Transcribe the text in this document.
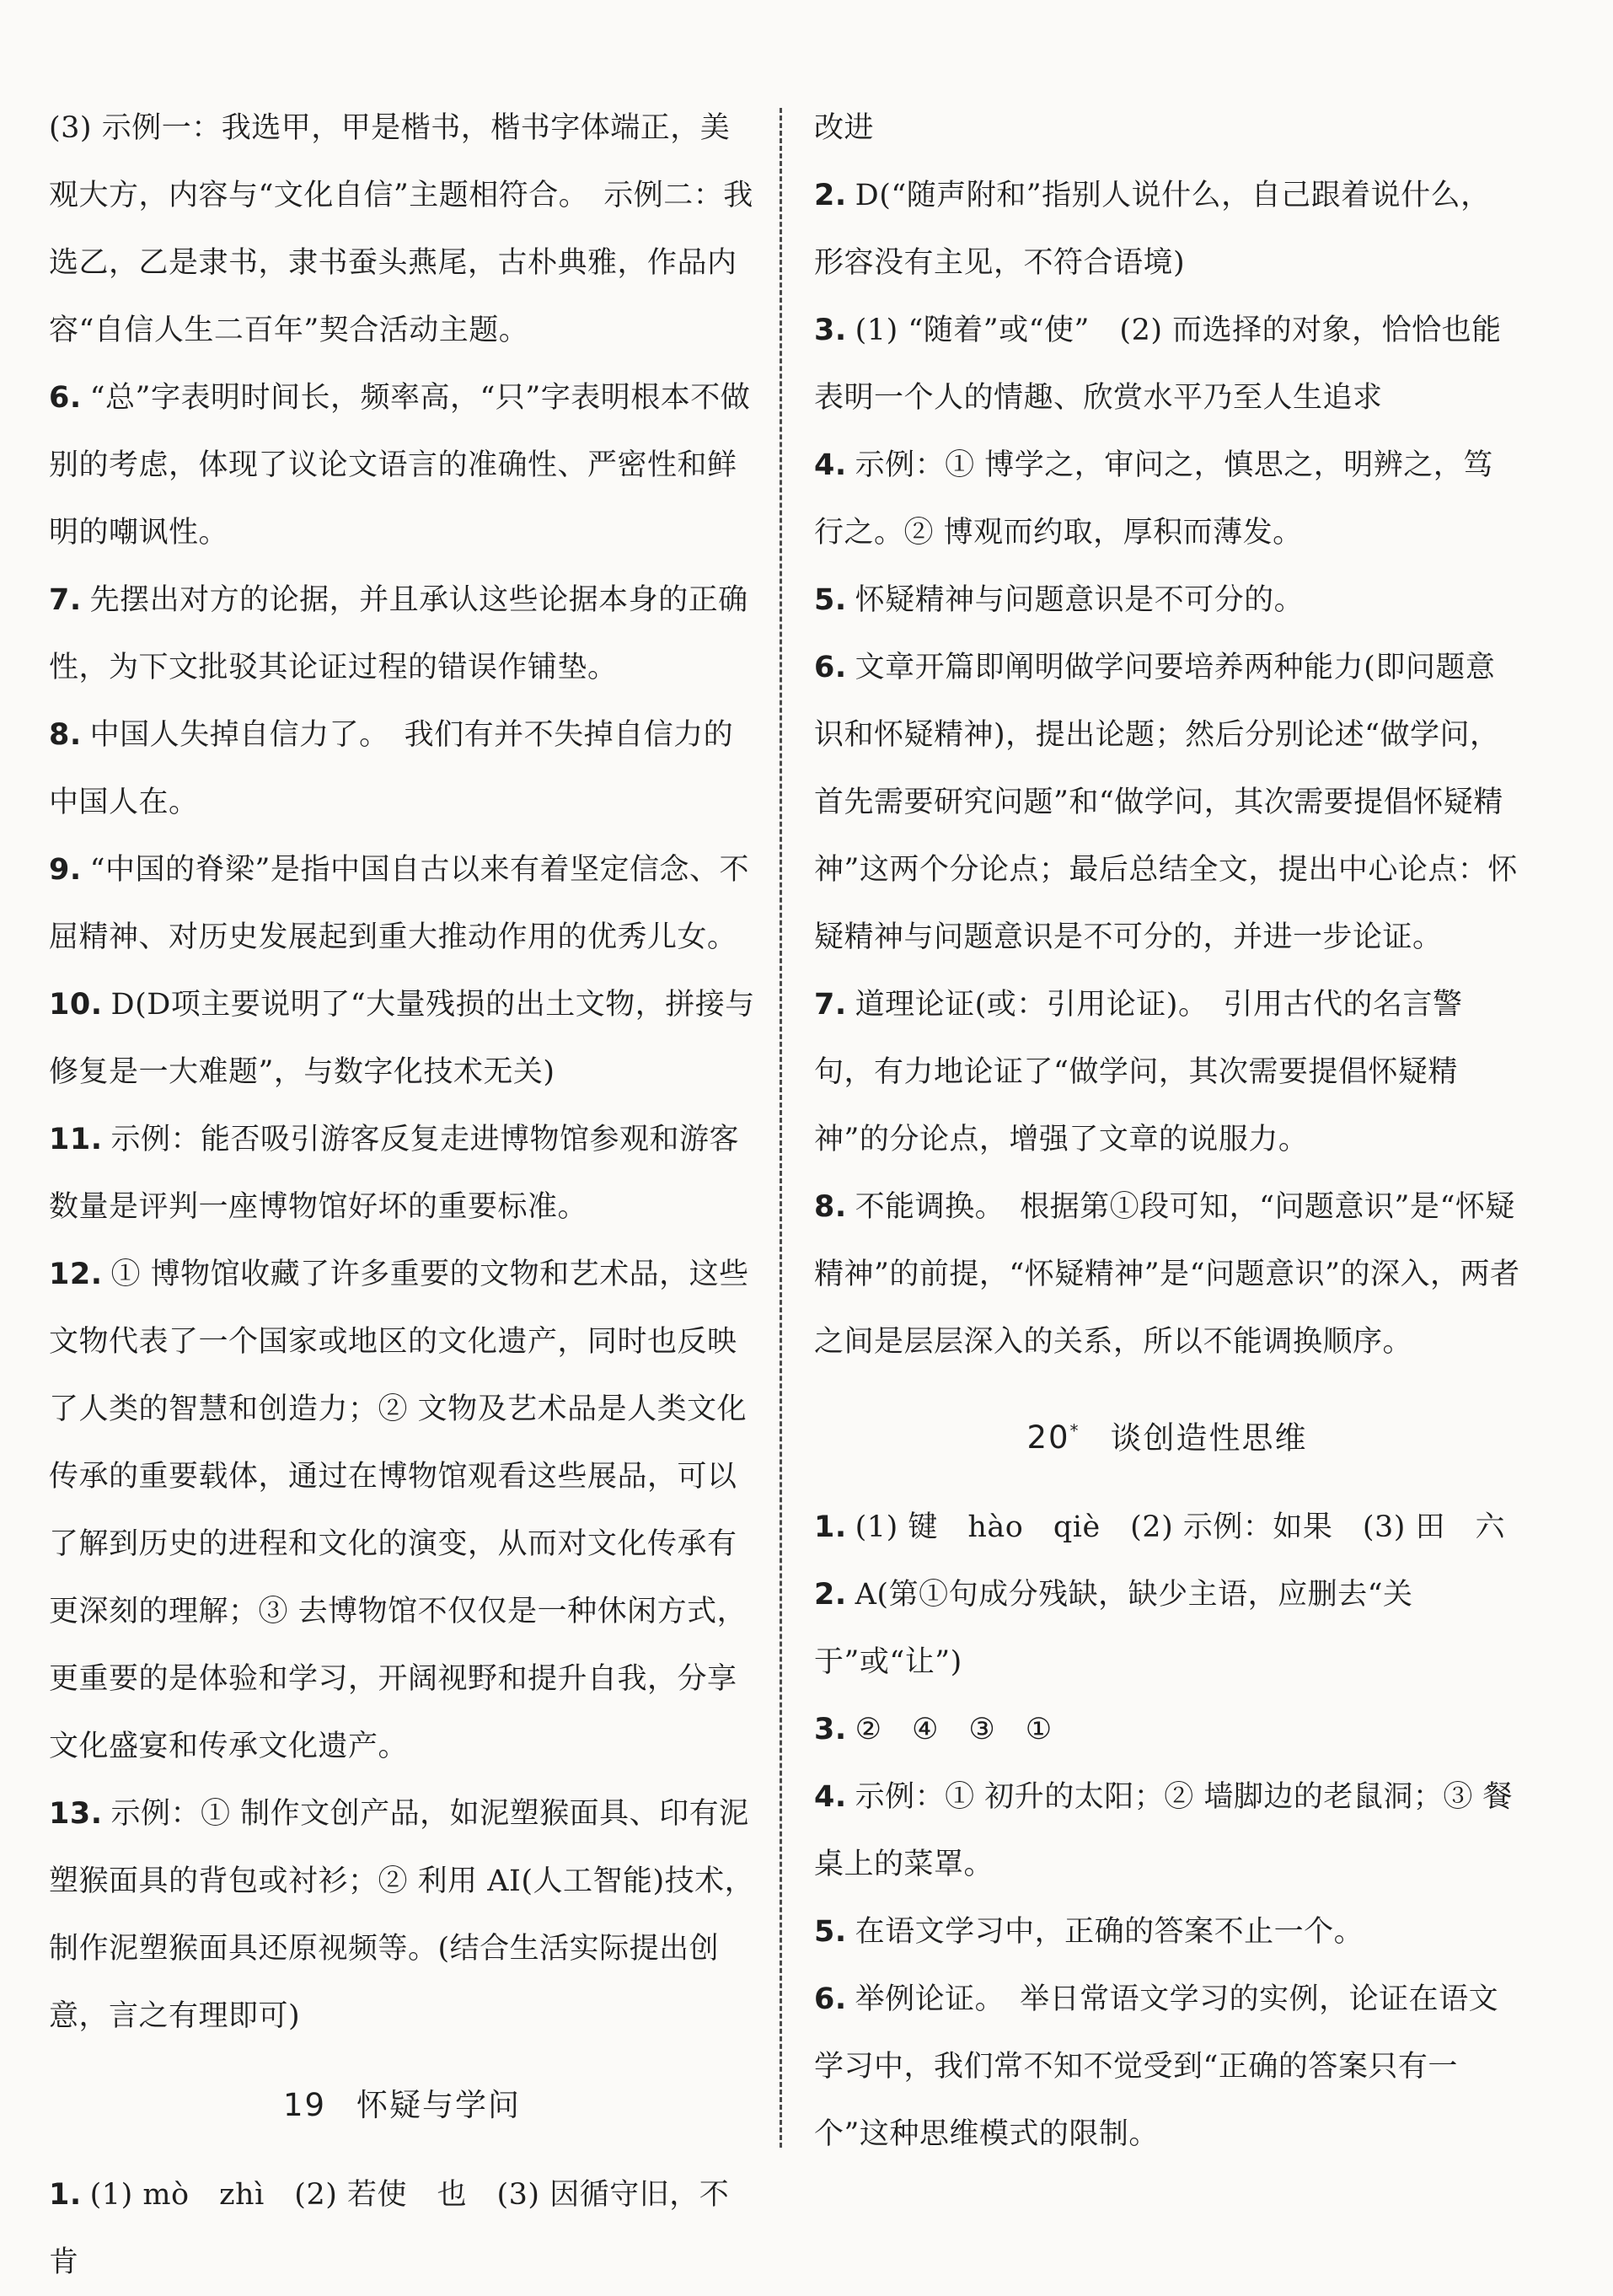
(3) 示例一：我选甲，甲是楷书，楷书字体端正，美观大方，内容与“文化自信”主题相符合。　示例二：我选乙，乙是隶书，隶书蚕头燕尾，古朴典雅，作品内容“自信人生二百年”契合活动主题。
6. “总”字表明时间长，频率高，“只”字表明根本不做别的考虑，体现了议论文语言的准确性、严密性和鲜明的嘲讽性。
7. 先摆出对方的论据，并且承认这些论据本身的正确性，为下文批驳其论证过程的错误作铺垫。
8. 中国人失掉自信力了。　我们有并不失掉自信力的中国人在。
9. “中国的脊梁”是指中国自古以来有着坚定信念、不屈精神、对历史发展起到重大推动作用的优秀儿女。
10. D(D项主要说明了“大量残损的出土文物，拼接与修复是一大难题”，与数字化技术无关)
11. 示例：能否吸引游客反复走进博物馆参观和游客数量是评判一座博物馆好坏的重要标准。
12. ① 博物馆收藏了许多重要的文物和艺术品，这些文物代表了一个国家或地区的文化遗产，同时也反映了人类的智慧和创造力；② 文物及艺术品是人类文化传承的重要载体，通过在博物馆观看这些展品，可以了解到历史的进程和文化的演变，从而对文化传承有更深刻的理解；③ 去博物馆不仅仅是一种休闲方式，更重要的是体验和学习，开阔视野和提升自我，分享文化盛宴和传承文化遗产。
13. 示例：① 制作文创产品，如泥塑猴面具、印有泥塑猴面具的背包或衬衫；② 利用 AI(人工智能)技术，制作泥塑猴面具还原视频等。(结合生活实际提出创意，言之有理即可)
19 怀疑与学问
1. (1) mò　zhì　(2) 若使　也　(3) 因循守旧，不肯
改进
2. D(“随声附和”指别人说什么，自己跟着说什么，形容没有主见，不符合语境)
3. (1) “随着”或“使”　(2) 而选择的对象，恰恰也能表明一个人的情趣、欣赏水平乃至人生追求
4. 示例：① 博学之，审问之，慎思之，明辨之，笃行之。② 博观而约取，厚积而薄发。
5. 怀疑精神与问题意识是不可分的。
6. 文章开篇即阐明做学问要培养两种能力(即问题意识和怀疑精神)，提出论题；然后分别论述“做学问，首先需要研究问题”和“做学问，其次需要提倡怀疑精神”这两个分论点；最后总结全文，提出中心论点：怀疑精神与问题意识是不可分的，并进一步论证。
7. 道理论证(或：引用论证)。　引用古代的名言警句，有力地论证了“做学问，其次需要提倡怀疑精神”的分论点，增强了文章的说服力。
8. 不能调换。　根据第①段可知，“问题意识”是“怀疑精神”的前提，“怀疑精神”是“问题意识”的深入，两者之间是层层深入的关系，所以不能调换顺序。
20* 谈创造性思维
1. (1) 键　hào　qiè　(2) 示例：如果　(3) 田　六
2. A(第①句成分残缺，缺少主语，应删去“关于”或“让”)
3. ②　④　③　①
4. 示例：① 初升的太阳；② 墙脚边的老鼠洞；③ 餐桌上的菜罩。
5. 在语文学习中，正确的答案不止一个。
6. 举例论证。　举日常语文学习的实例，论证在语文学习中，我们常不知不觉受到“正确的答案只有一个”这种思维模式的限制。
